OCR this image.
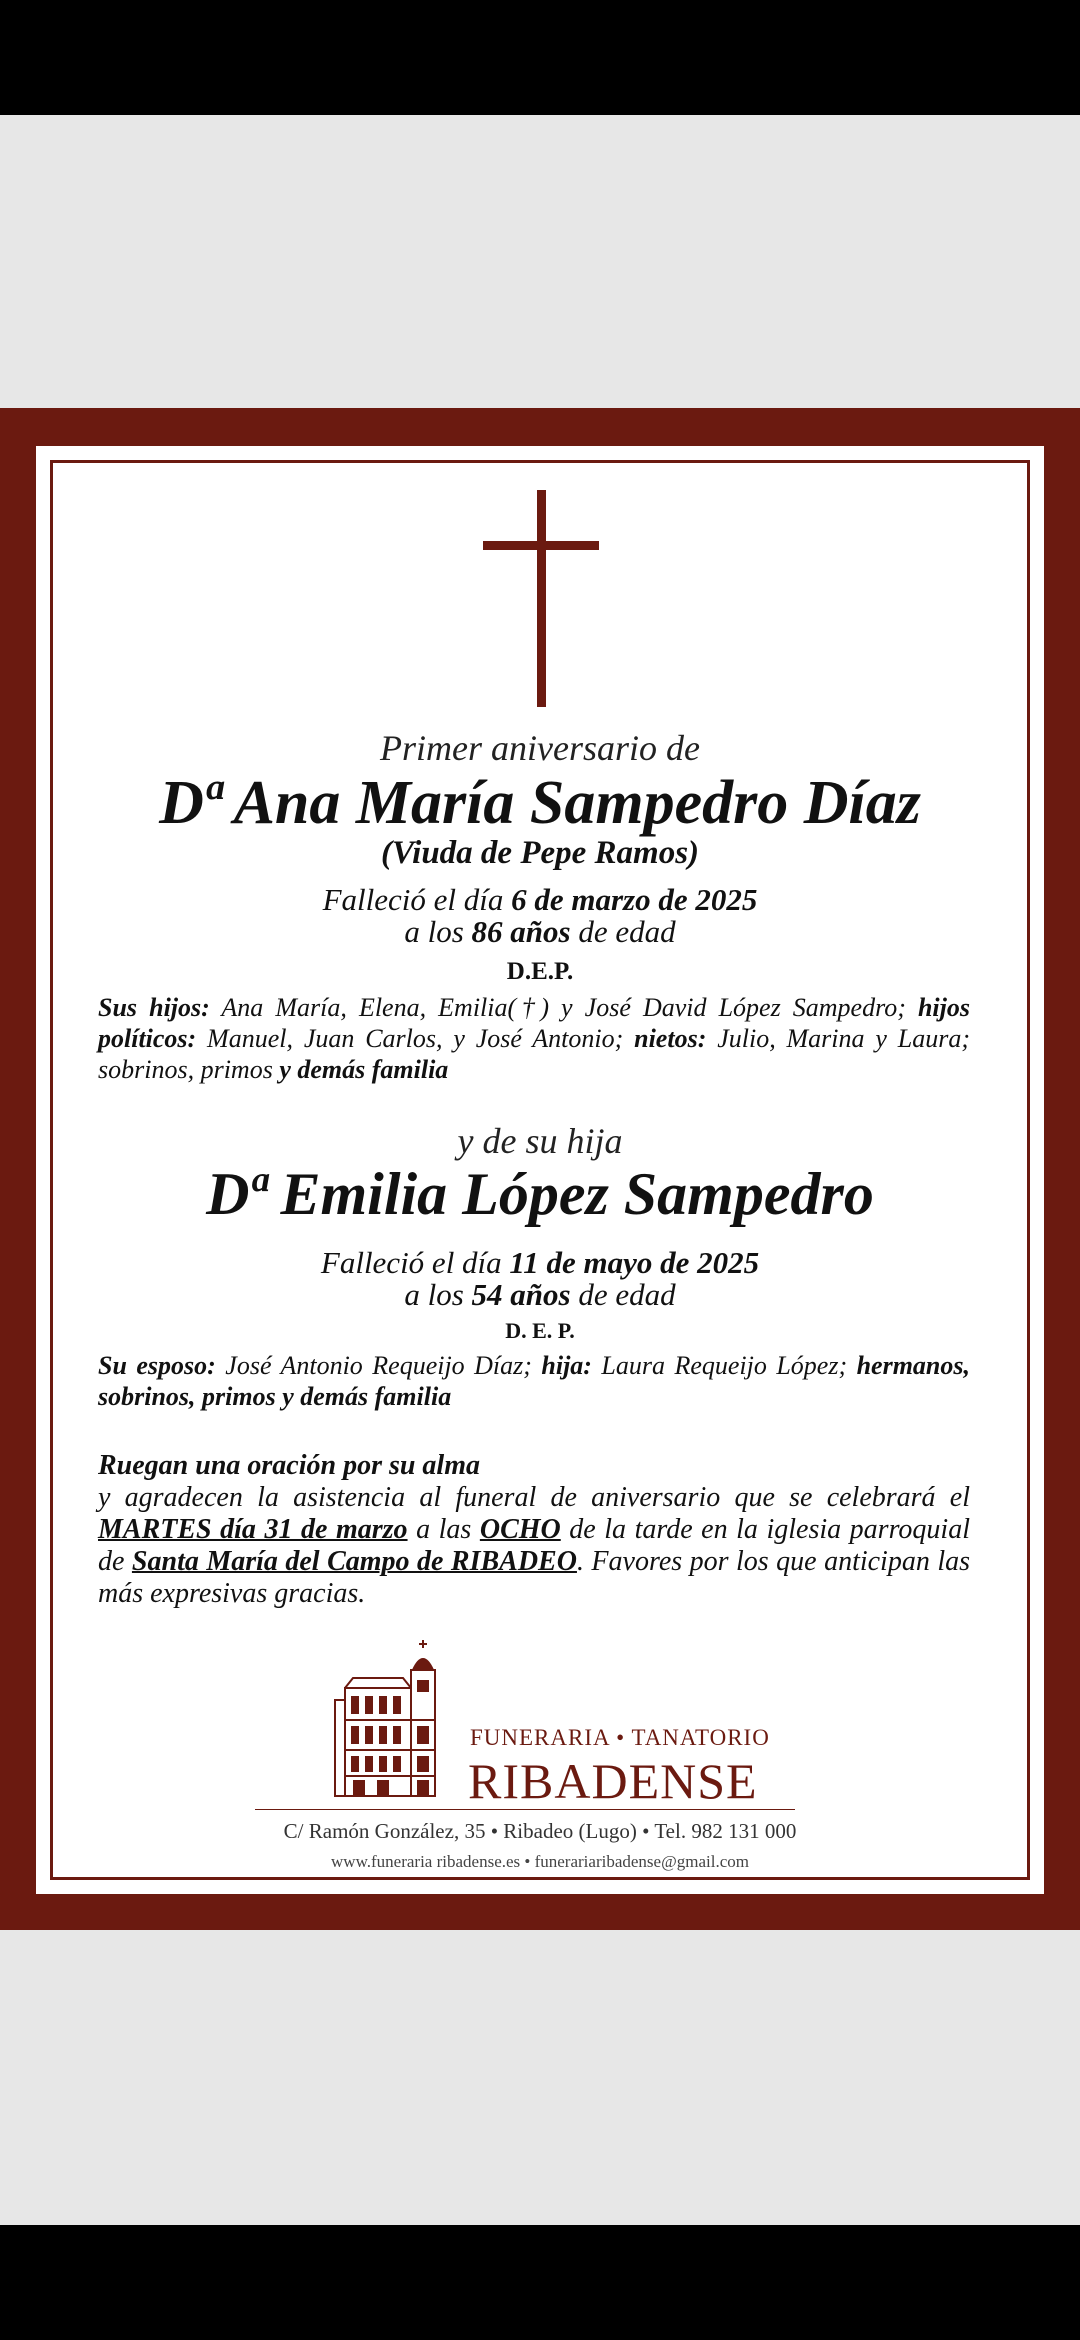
Primer aniversario de
Dª Ana María Sampedro Díaz
(Viuda de Pepe Ramos)
Falleció el día 6 de marzo de 2025
a los 86 años de edad
D.E.P.
Sus hijos: Ana María, Elena, Emilia(†) y José David López Sampedro; hijos políticos: Manuel, Juan Carlos, y José Antonio; nietos: Julio, Marina y Laura; sobrinos, primos y demás familia
y de su hija
Dª Emilia López Sampedro
Falleció el día 11 de mayo de 2025
a los 54 años de edad
D. E. P.
Su esposo: José Antonio Requeijo Díaz; hija: Laura Requeijo López; hermanos, sobrinos, primos y demás familia
Ruegan una oración por su alma
y agradecen la asistencia al funeral de aniversario que se celebrará el MARTES día 31 de marzo a las OCHO de la tarde en la iglesia parroquial de Santa María del Campo de RIBADEO. Favores por los que anticipan las más expresivas gracias.
FUNERARIA • TANATORIO
RIBADENSE
C/ Ramón González, 35 • Ribadeo (Lugo) • Tel. 982 131 000
www.funeraria ribadense.es • funerariaribadense@gmail.com
